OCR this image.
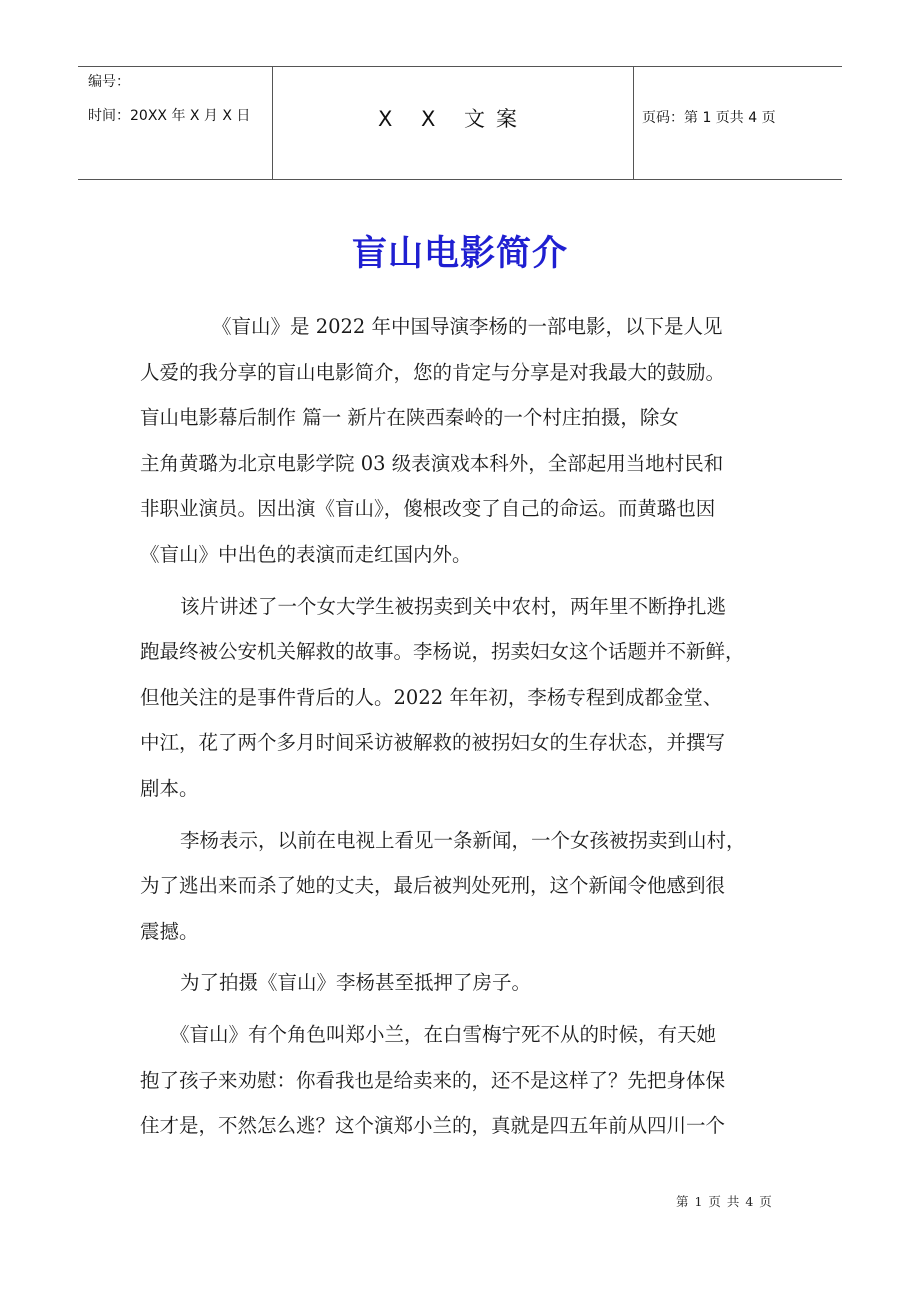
编号：
时间：20XX 年 X 月 X 日	X X 文案	页码：第 1 页共 4 页
盲山电影简介
《盲山》是 2022 年中国导演李杨的一部电影，以下是人见
人爱的我分享的盲山电影简介，您的肯定与分享是对我最大的鼓励。
盲山电影幕后制作 篇一 新片在陕西秦岭的一个村庄拍摄，除女
主角黄璐为北京电影学院 03 级表演戏本科外，全部起用当地村民和
非职业演员。因出演《盲山》，傻根改变了自己的命运。而黄璐也因
《盲山》中出色的表演而走红国内外。
该片讲述了一个女大学生被拐卖到关中农村，两年里不断挣扎逃
跑最终被公安机关解救的故事。李杨说，拐卖妇女这个话题并不新鲜，
但他关注的是事件背后的人。2022 年年初，李杨专程到成都金堂、
中江，花了两个多月时间采访被解救的被拐妇女的生存状态，并撰写
剧本。
李杨表示，以前在电视上看见一条新闻，一个女孩被拐卖到山村，
为了逃出来而杀了她的丈夫，最后被判处死刑，这个新闻令他感到很
震撼。
为了拍摄《盲山》李杨甚至抵押了房子。
《盲山》有个角色叫郑小兰，在白雪梅宁死不从的时候，有天她
抱了孩子来劝慰：你看我也是给卖来的，还不是这样了？先把身体保
住才是，不然怎么逃？这个演郑小兰的，真就是四五年前从四川一个
第 1 页 共 4 页
